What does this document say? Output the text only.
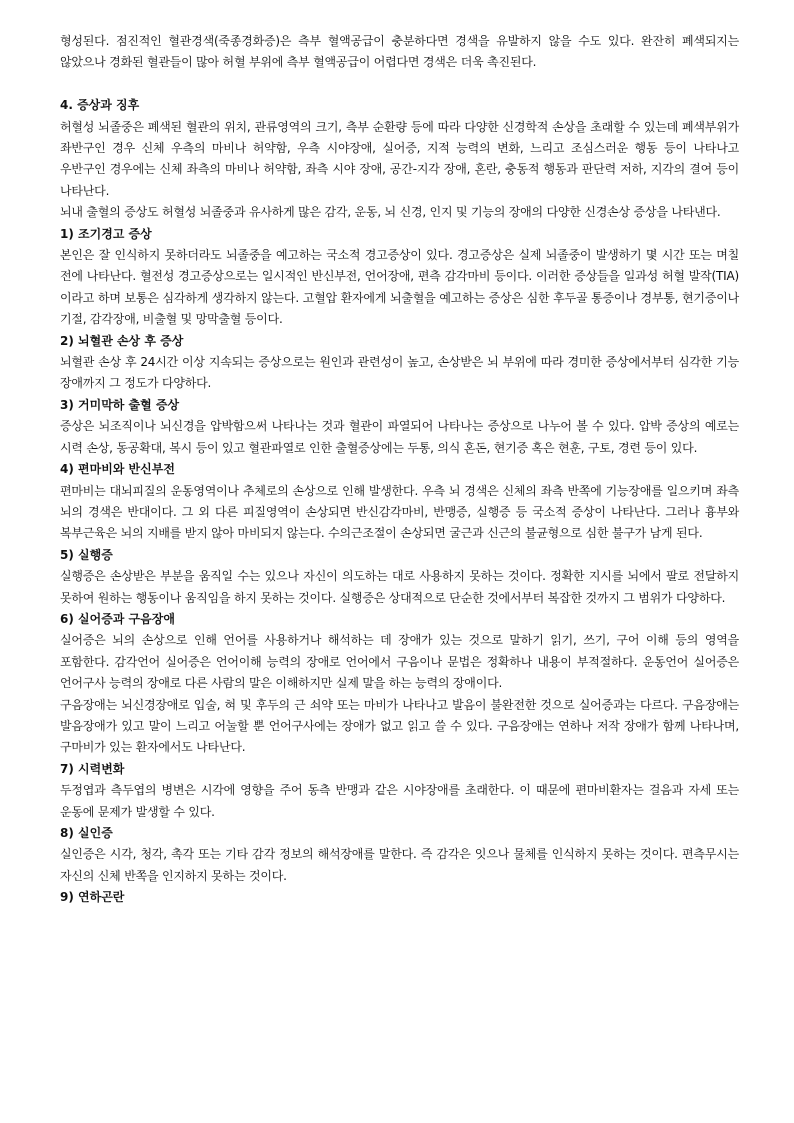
형성된다. 점진적인 혈관경색(죽종경화증)은 측부 혈액공급이 충분하다면 경색을 유발하지 않을 수도 있다. 완잔히 폐색되지는 않았으나 경화된 혈관들이 많아 허혈 부위에 측부 혈액공급이 어렵다면 경색은 더욱 촉진된다.

4. 증상과 징후

허혈성 뇌졸중은 폐색된 혈관의 위치, 관류영역의 크기, 측부 순환량 등에 따라 다양한 신경학적 손상을 초래할 수 있는데 폐색부위가 좌반구인 경우 신체 우측의 마비나 허약함, 우측 시야장애, 실어증, 지적 능력의 변화, 느리고 조심스러운 행동 등이 나타나고 우반구인 경우에는 신체 좌측의 마비나 허약함, 좌측 시야 장애, 공간-지각 장애, 혼란, 충동적 행동과 판단력 저하, 지각의 결여 등이 나타난다.

뇌내 출혈의 증상도 허혈성 뇌졸중과 유사하게 많은 감각, 운동, 뇌 신경, 인지 및 기능의 장애의 다양한 신경손상 증상을 나타낸다.

1) 조기경고 증상

본인은 잘 인식하지 못하더라도 뇌졸중을 예고하는 국소적 경고증상이 있다. 경고증상은 실제 뇌졸중이 발생하기 몇 시간 또는 며칠 전에 나타난다. 혈전성 경고증상으로는 일시적인 반신부전, 언어장애, 편측 감각마비 등이다. 이러한 증상들을 일과성 허혈 발작(TIA)이라고 하며 보통은 심각하게 생각하지 않는다. 고혈압 환자에게 뇌출혈을 예고하는 증상은 심한 후두골 통증이나 경부통, 현기증이나 기절, 감각장애, 비출혈 및 망막출혈 등이다.

2) 뇌혈관 손상 후 증상

뇌혈관 손상 후 24시간 이상 지속되는 증상으로는 원인과 관련성이 높고, 손상받은 뇌 부위에 따라 경미한 증상에서부터 심각한 기능 장애까지 그 정도가 다양하다.

3) 거미막하 출혈 증상

증상은 뇌조직이나 뇌신경을 압박함으써 나타나는 것과 혈관이 파열되어 나타나는 증상으로 나누어 볼 수 있다. 압박 증상의 예로는 시력 손상, 동공확대, 복시 등이 있고 혈관파열로 인한 출혈증상에는 두통, 의식 혼돈, 현기증 혹은 현훈, 구토, 경련 등이 있다.

4) 편마비와 반신부전

편마비는 대뇌피질의 운동영역이나 추체로의 손상으로 인해 발생한다. 우측 뇌 경색은 신체의 좌측 반쪽에 기능장애를 일으키며 좌측 뇌의 경색은 반대이다. 그 외 다른 피질영역이 손상되면 반신감각마비, 반맹증, 실행증 등 국소적 증상이 나타난다. 그러나 흉부와 복부근육은 뇌의 지배를 받지 않아 마비되지 않는다. 수의근조절이 손상되면 굴근과 신근의 불균형으로 심한 불구가 남게 된다.

5) 실행증

실행증은 손상받은 부분을 움직일 수는 있으나 자신이 의도하는 대로 사용하지 못하는 것이다. 정확한 지시를 뇌에서 팔로 전달하지 못하여 원하는 행동이나 움직임을 하지 못하는 것이다. 실행증은 상대적으로 단순한 것에서부터 복잡한 것까지 그 범위가 다양하다.

6) 실어증과 구음장애

실어증은 뇌의 손상으로 인해 언어를 사용하거나 해석하는 데 장애가 있는 것으로 말하기 읽기, 쓰기, 구어 이해 등의 영역을 포함한다. 감각언어 실어증은 언어이해 능력의 장애로 언어에서 구음이나 문법은 정확하나 내용이 부적절하다. 운동언어 실어증은 언어구사 능력의 장애로 다른 사람의 말은 이해하지만 실제 말을 하는 능력의 장애이다.

구음장애는 뇌신경장애로 입술, 혀 및 후두의 근 쇠약 또는 마비가 나타나고 발음이 불완전한 것으로 실어증과는 다르다. 구음장애는 발음장애가 있고 말이 느리고 어눌할 뿐 언어구사에는 장애가 없고 읽고 쓸 수 있다. 구음장애는 연하나 저작 장애가 함께 나타나며, 구마비가 있는 환자에서도 나타난다.

7) 시력변화

두정엽과 측두엽의 병변은 시각에 영향을 주어 동측 반맹과 같은 시야장애를 초래한다. 이 때문에 편마비환자는 걸음과 자세 또는 운동에 문제가 발생할 수 있다.

8) 실인증

실인증은 시각, 청각, 촉각 또는 기타 감각 정보의 해석장애를 말한다. 즉 감각은 잇으나 물체를 인식하지 못하는 것이다. 편측무시는 자신의 신체 반쪽을 인지하지 못하는 것이다.

9) 연하곤란
